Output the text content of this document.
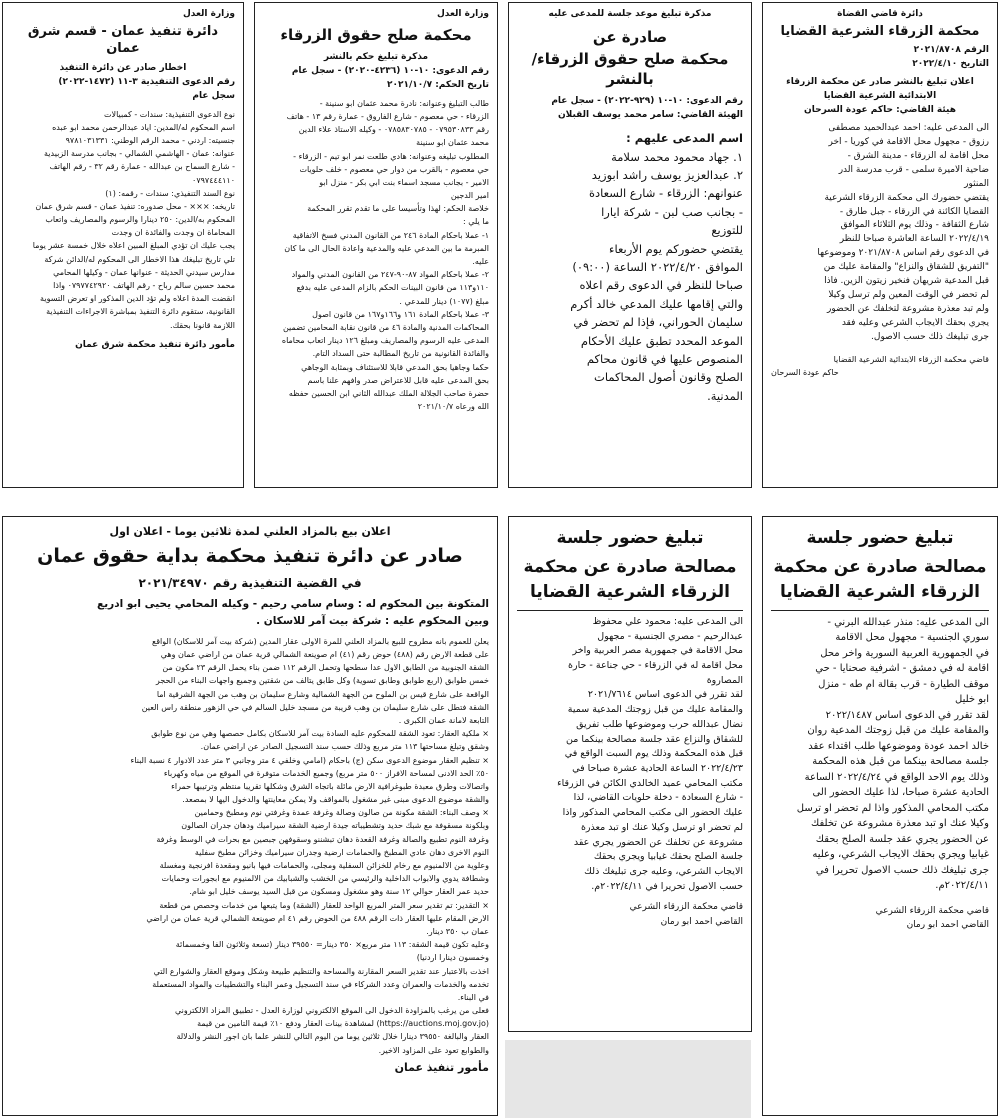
دائرة قاضي القضاة
محكمة الزرقاء الشرعية القضايا
الرقم ٢٠٢١/٨٧٠٨
التاريخ ٢٠٢٢/٤/١٠
اعلان تبليغ بالنشر صادر عن محكمة الزرقاء الابتدائية الشرعية القضايا
هيئة القاضي: حاكم عودة السرحان
الى المدعى عليه: احمد عبدالحميد مصطفى
رزوق - مجهول محل الاقامة في كوريا - اخر
محل اقامة له الزرقاء - مدينة الشرق -
ضاحية الاميرة سلمى - قرب مدرسة الدر
المنثور
يقتضي حضورك الى محكمة الزرقاء الشرعية
القضايا الكائنة في الزرقاء - جبل طارق -
شارع الثقافة - وذلك يوم الثلاثاء الموافق
٢٠٢٢/٤/١٩ الساعة العاشرة صباحا للنظر
في الدعوى رقم اساس ٢٠٢١/٨٧٠٨ وموضوعها
"التفريق للشقاق والنزاع" والمقامة عليك من
قبل المدعية شريهان فنخير زيتون الزين. فاذا
لم تحضر في الوقت المعين ولم ترسل وكيلا
ولم تبد معذرة مشروعة لتخلفك عن الحضور
يجري بحقك الايجاب الشرعي وعليه فقد
جرى تبليغك ذلك حسب الاصول.
قاضي محكمة الزرقاء الابتدائية الشرعية القضايا
حاكم عودة السرحان
مذكرة تبليغ موعد جلسة للمدعى عليه
صادرة عن
محكمة صلح حقوق الزرقاء/بالنشر
رقم الدعوى: ١٠-١٠ (٩٢٩-٢٠٢٢) - سجل عام
الهيئة القاضي: سامر محمد يوسف القبلان
اسم المدعى عليهم :
١. جهاد محمود محمد سلامة
٢. عبدالعزيز يوسف راشد ابوزيد
عنوانهم: الزرقاء - شارع السعادة
- بجانب صب لبن - شركة ايارا
للتوزيع
يقتضي حضوركم يوم الأربعاء
الموافق ٢٠٢٢/٤/٢٠ الساعة (٠٩:٠٠)
صباحا للنظر في الدعوى رقم اعلاه
والتي إقامها عليك المدعي خالد أكرم
سليمان الحوراني، فإذا لم تحضر في
الموعد المحدد تطبق عليك الأحكام
المنصوص عليها في قانون محاكم
الصلح وقانون أصول المحاكمات
المدنية.
وزارة العدل
محكمة صلح حقوق الزرقاء
مذكرة تبليغ حكم بالنشر
رقم الدعوى: ١٠-١٠ (٤٢٣٦-٢٠٢٠) - سجل عام
تاريخ الحكم: ٢٠٢١/١٠/٧
طالب التبليغ وعنوانه: نادرة محمد عثمان ابو سنينة -
الزرقاء - حي معصوم - شارع الفاروق - عمارة رقم ١٣ - هاتف
رقم ٠٧٩٥٣٠٨٣٣ - ٠٧٨٥٨٣٠٧٨٥ - وكيله الاستاذ علاء الدين
محمد عثمان ابو سنينة
المطلوب تبليغه وعنوانه: هادي طلعت نمر ابو تيم - الزرقاء -
حي معصوم - بالقرب من دوار حي معصوم - خلف حلويات
الامير - بجانب مسجد اسماء بنت ابي بكر - منزل ابو
امير الدجين
خلاصة الحكم: لهذا وتأسيسا على ما تقدم تقرر المحكمة
ما يلي :
١- عملا باحكام المادة ٢٤٦ من القانون المدني فسخ الاتفاقية
المبرمة ما بين المدعي عليه والمدعية واعادة الحال الى ما كان
عليه.
٢- عملا باحكام المواد ٨٧-٩٠-٢٤٧ من القانون المدني والمواد
١١٠و١١٣ من قانون البينات الحكم بالزام المدعى عليه بدفع
مبلغ (١٠٧٧) دينار للمدعي .
٣- عملا باحكام المادة ١٦١ و١٦٦و١٦٧ من قانون اصول
المحاكمات المدنية والمادة ٤٦ من قانون نقابة المحامين تضمين
المدعى عليه الرسوم والمصاريف ومبلغ ١٢٦ دينار اتعاب محاماه
والفائدة القانونية من تاريخ المطالبة حتى السداد التام.
حكما وجاهيا بحق المدعي قابلا للاستئناف وبمثابة الوجاهي
بحق المدعى عليه قابل للاعتراض صدر وافهم علنا باسم
حضرة صاحب الجلالة الملك عبدالله الثاني ابن الحسين حفظه
الله ورعاه ٢٠٢١/١٠/٧
وزارة العدل
دائرة تنفيذ عمان - قسم شرق عمان
اخطار صادر عن دائرة التنفيذ
رقم الدعوى التنفيذية ٣-١١ (١٤٧٢-٢٠٢٢)
سجل عام
نوع الدعوى التنفيذية: سندات - كمبيالات
اسم المحكوم له/المدين: اياد عبدالرحمن محمد ابو عبده
جنسيته: اردني - محمد الرقم الوطني: ٩٧٨١٠٣١٣٣١
عنوانه: عمان - الهاشمي الشمالي - بجانب مدرسة الزبيدية
- شارع السماح بن عبدالله - عمارة رقم ٣٢ - رقم الهاتف
٠٧٩٧٤٤٤١١٠
نوع السند التنفيذي: سندات - رقمه: (١)
تاريخه: ××× - محل صدوره: تنفيذ عمان - قسم شرق عمان
المحكوم به/الدين: ٢٥٠ دينارا والرسوم والمصاريف واتعاب
المحاماة ان وجدت والفائدة ان وجدت
يجب عليك ان تؤدي المبلغ المبين اعلاه خلال خمسة عشر يوما
تلي تاريخ تبليغك هذا الاخطار الى المحكوم له/الدائن شركة
مدارس سيدني الحديثة - عنوانها عمان - وكيلها المحامي
محمد حسين سالم رباح - رقم الهاتف ٠٧٩٧٧٤٢٩٢٠ واذا
انقضت المدة اعلاه ولم تؤد الدين المذكور او تعرض التسوية
القانونية، ستقوم دائرة التنفيذ بمباشرة الاجراءات التنفيذية
اللازمة قانونا بحقك.
مأمور دائرة تنفيذ محكمة شرق عمان
تبليغ حضور جلسة
مصالحة صادرة عن محكمة
الزرقاء الشرعية القضايا
الى المدعى عليه: منذر عبدالله البرني -
سوري الجنسية - مجهول محل الاقامة
في الجمهورية العربية السورية واخر محل
اقامة له في دمشق - اشرفية صحنايا - حي
موقف الطيارة - قرب بقالة ام طه - منزل
ابو خليل
لقد تقرر في الدعوى اساس ٢٠٢٢/١٤٨٧
والمقامة عليك من قبل زوجتك المدعية روان
خالد احمد عودة وموضوعها طلب اقتداء عقد
جلسة مصالحة بينكما من قبل هذه المحكمة
وذلك يوم الاحد الواقع في ٢٠٢٢/٤/٢٤ الساعة
الحادية عشرة صباحا، لذا عليك الحضور الى
مكتب المحامي المذكور واذا لم تحضر او ترسل
وكيلا عنك او تبد معذرة مشروعة عن تخلفك
عن الحضور يجري عقد جلسة الصلح بحقك
غيابيا ويجري بحقك الايجاب الشرعي، وعليه
جرى تبليغك ذلك حسب الاصول تحريرا في
٢٠٢٢/٤/١١م.
قاضي محكمة الزرقاء الشرعي
القاضي احمد ابو رمان
تبليغ حضور جلسة
مصالحة صادرة عن محكمة
الزرقاء الشرعية القضايا
الى المدعى عليه: محمود علي محفوظ
عبدالرحيم - مصري الجنسية - مجهول
محل الاقامة في جمهورية مصر العربية واخر
محل اقامة له في الزرقاء - حي جناعة - حارة
المصاروة
لقد تقرر في الدعوى اساس ٢٠٢١/٧٦١٤
والمقامة عليك من قبل زوجتك المدعية سمية
نضال عبدالله حرب وموضوعها طلب تفريق
للشقاق والنزاع عقد جلسة مصالحة بينكما من
قبل هذه المحكمة وذلك يوم السبت الواقع في
٢٠٢٢/٤/٢٣ الساعة الحادية عشرة صباحا في
مكتب المحامي عميد الخالدي الكائن في الزرقاء
- شارع السعادة - دخلة حلويات القاضي، لذا
عليك الحضور الى مكتب المحامي المذكور واذا
لم تحضر او ترسل وكيلا عنك او تبد معذرة
مشروعة عن تخلفك عن الحضور يجري عقد
جلسة الصلح بحقك غيابيا ويجري بحقك
الايجاب الشرعي، وعليه جرى تبليغك ذلك
حسب الاصول تحريرا في ٢٠٢٢/٤/١١م.
قاضي محكمة الزرقاء الشرعي
القاضي احمد ابو رمان
اعلان بيع بالمزاد العلني لمدة ثلاثين يوما - اعلان اول
صادر عن دائرة تنفيذ محكمة بداية حقوق عمان
في القضية التنفيذية رقم ٢٠٢١/٣٤٩٧٠
المتكونة بين المحكوم له : وسام سامي رحيم - وكيله المحامي يحيى ابو ادريع
وبين المحكوم عليه : شركة بيت آمر للاسكان .
يعلن للعموم بانه مطروح للبيع بالمزاد العلني للمرة الاولى عقار المدين (شركة بيت آمر للاسكان) الواقع
على قطعة الارض رقم (٤٨٨) حوض رقم (٤١) ام صوينعة الشمالي قرية عمان من اراضي عمان وهي
الشقة الجنوبية من الطابق الاول عدا سطحها وتحمل الرقم ١١٢ ضمن بناء يحمل الرقم ٢٣ مكون من
خمس طوابق (اربع طوابق وطابق تسوية) وكل طابق يتالف من شقتين وجميع واجهات البناء من الحجر
الواقعة على شارع قيس بن الملوح من الجهة الشمالية وشارع سليمان بن وهب من الجهة الشرقية اما
الشقة فتطل على شارع سليمان بن وهب قريبة من مسجد خليل السالم في حي الزهور منطقة راس العين
التابعة لامانة عمان الكبرى .
× ملكية العقار: تعود الشقة للمحكوم عليه السادة بيت آمر للاسكان بكامل حصصها وهي من نوع طوابق
وشقق وتبلغ مساحتها ١١٣ متر مربع وذلك حسب سند التسجيل الصادر عن اراضي عمان.
× تنظيم العقار موضوع الدعوى سكن (ج) باحكام (امامي وخلفي ٤ متر وجانبي ٣ متر عدد الادوار ٤ نسبة البناء
٥٠٪ الحد الادنى لمساحة الافراز ٥٠٠ متر مربع) وجميع الخدمات متوفرة في الموقع من مياه وكهرباء
واتصالات وطرق معبدة طبوغرافية الارض مائلة باتجاه الشرق وشكلها تقريبا منتظم وترتيبها حمراء
والشقة موضوع الدعوى مبنى غير مشغول بالمواقف ولا يمكن معاينتها والدخول اليها لا بمصعد.
× وصف البناء: الشقة مكونة من صالون وصالة وغرفة عمدة وغرفتي نوم ومطبخ وحمامين
وبلكونة مسقوفة مع شبك حديد وتشطيباته جيدة ارضية الشقة سيراميك ودهان جدران الصالون
وغرفة النوم تطبيع والصالة وغرفة القعدة دهان تبشننو وسقوفهن جبصين مع بحرات في الوسط وغرفة
النوم الاخرى دهان عادي المطبخ والحمامات ارضية وجدران سيراميك وخزائن مطبخ سفلية
وعلوية من الالمنيوم مع رخام للخزائن السفلية ومجلى، والحمامات فيها بانيو ومقعدة افرنجية ومغسلة
وشطافة يدوي والابواب الداخلية والرئيسي من الخشب والشبابيك من الالمنيوم مع ابجورات وحمايات
حديد عمر العقار حوالي ١٢ سنة وهو مشغول ومسكون من قبل السيد يوسف خليل ابو شام.
× التقدير: تم تقدير سعر المتر المربع الواحد للعقار (الشقة) وما يتبعها من خدمات وحصص من قطعة
الارض المقام عليها العقار ذات الرقم ٤٨٨ من الحوض رقم ٤١ ام صوينعة الشمالي قرية عمان من اراضي
عمان ب ٣٥٠ دينار.
وعليه تكون قيمة الشقة: ١١٣ متر مربع× ٣٥٠ دينار= ٣٩٥٥٠ دينار (تسعة وثلاثون الفا وخمسمائة
وخمسون دينارا اردنيا)
اخذت بالاعتبار عند تقدير السعر المقارنة والمساحة والتنظيم طبيعة وشكل وموقع العقار والشوارع التي
تخدمه والخدمات والعمران وعدد الشركاء في سند التسجيل وعمر البناء والتشطيبات والمواد المستعملة
في البناء.
فعلى من يرغب بالمزاودة الدخول الى الموقع الالكتروني لوزارة العدل - تطبيق المزاد الالكتروني
(https://auctions.moj.gov.jo) لمشاهدة بينات العقار ودفع ١٠٪ قيمة التامين من قيمة
العقار والبالغة ٣٩٥٥٠ دينارا خلال ثلاثين يوما من اليوم التالي للنشر علما بان اجور النشر والدلالة
والطوابع تعود على المزاود الاخير.
مأمور تنفيذ عمان
